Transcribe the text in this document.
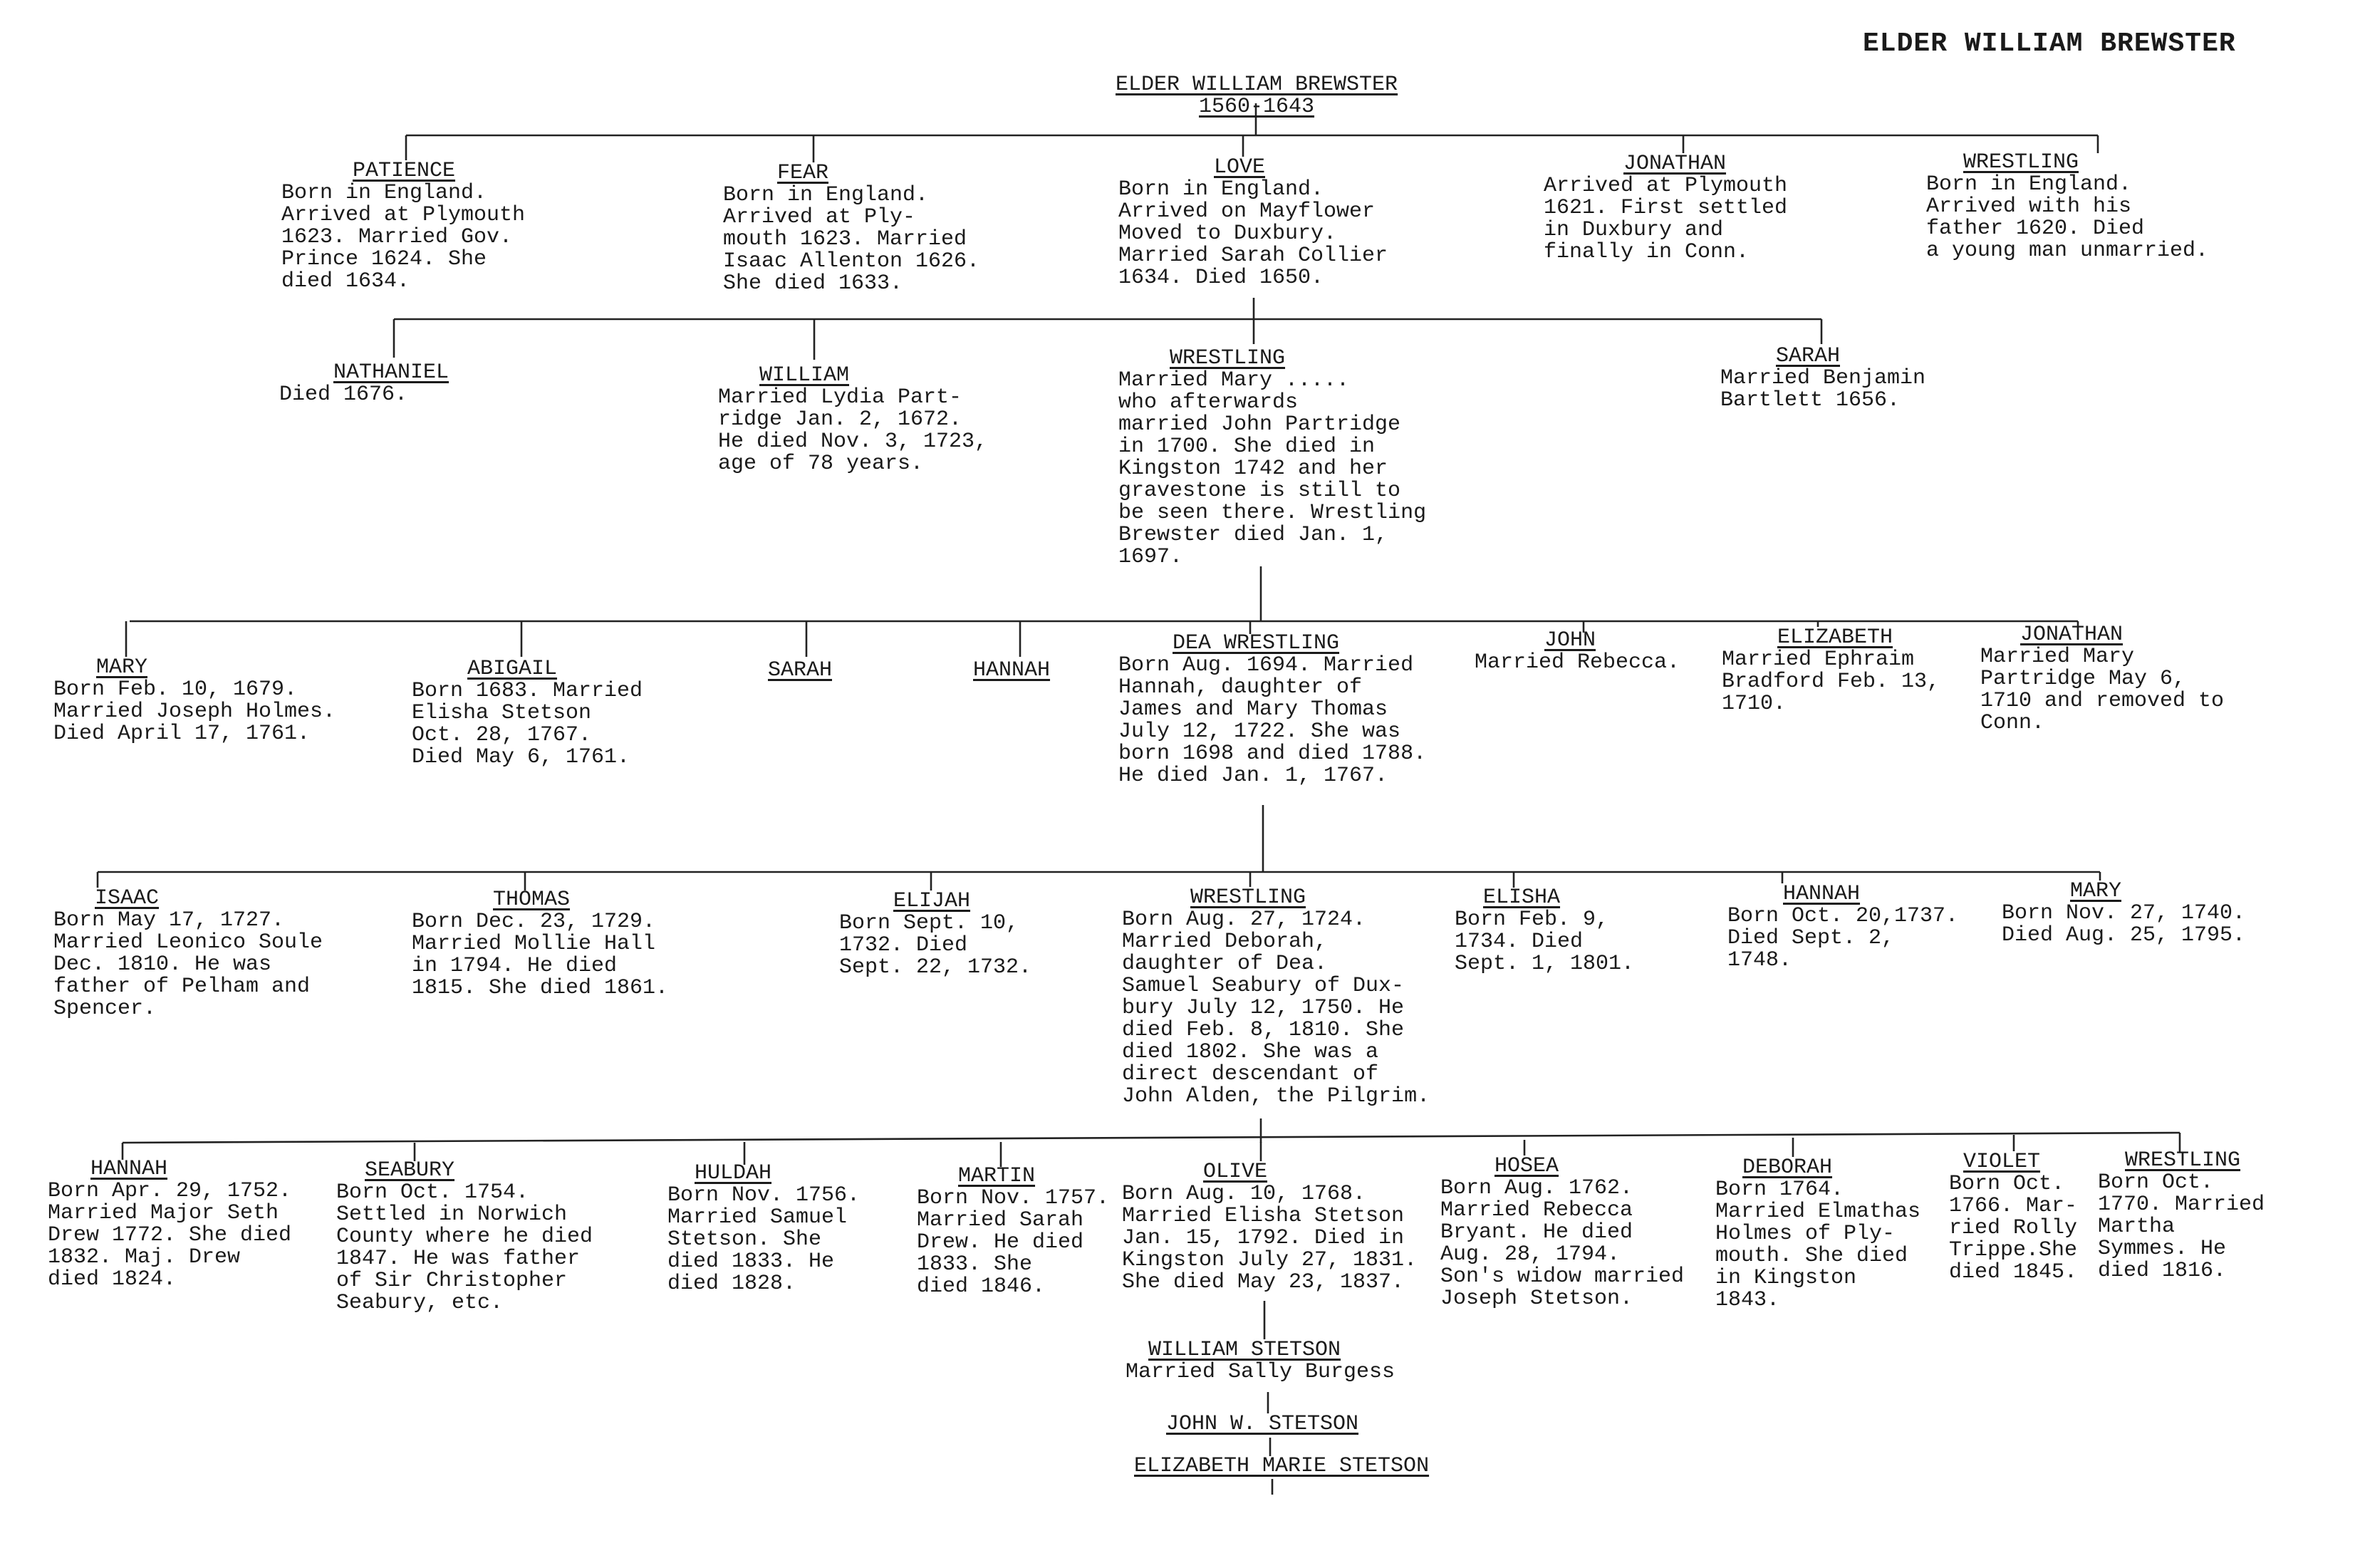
ELDER WILLIAM BREWSTER
ELDER WILLIAM BREWSTER
1560-1643
PATIENCE
Born in England.
Arrived at Plymouth
1623. Married Gov.
Prince 1624. She
died 1634.
FEAR
Born in England.
Arrived at Ply-
mouth 1623. Married
Isaac Allenton 1626.
She died 1633.
LOVE
Born in England.
Arrived on Mayflower
Moved to Duxbury.
Married Sarah Collier
1634. Died 1650.
JONATHAN
Arrived at Plymouth
1621. First settled
in Duxbury and
finally in Conn.
WRESTLING
Born in England.
Arrived with his
father 1620. Died
a young man unmarried.
NATHANIEL
Died 1676.
WILLIAM
Married Lydia Part-
ridge Jan. 2, 1672.
He died Nov. 3, 1723,
age of 78 years.
WRESTLING
Married Mary .....
who afterwards
married John Partridge
in 1700. She died in
Kingston 1742 and her
gravestone is still to
be seen there. Wrestling
Brewster died Jan. 1,
1697.
SARAH
Married Benjamin
Bartlett 1656.
MARY
Born Feb. 10, 1679.
Married Joseph Holmes.
Died April 17, 1761.
ABIGAIL
Born 1683. Married
Elisha Stetson
Oct. 28, 1767.
Died May 6, 1761.
SARAH	HANNAH
DEA WRESTLING
Born Aug. 1694. Married
Hannah, daughter of
James and Mary Thomas
July 12, 1722. She was
born 1698 and died 1788.
He died Jan. 1, 1767.
JOHN
Married Rebecca.
ELIZABETH
Married Ephraim
Bradford Feb. 13,
1710.
JONATHAN
Married Mary
Partridge May 6,
1710 and removed to
Conn.
ISAAC
Born May 17, 1727.
Married Leonico Soule
Dec. 1810. He was
father of Pelham and
Spencer.
THOMAS
Born Dec. 23, 1729.
Married Mollie Hall
in 1794. He died
1815. She died 1861.
ELIJAH
Born Sept. 10,
1732. Died
Sept. 22, 1732.
WRESTLING
Born Aug. 27, 1724.
Married Deborah,
daughter of Dea.
Samuel Seabury of Dux-
bury July 12, 1750. He
died Feb. 8, 1810. She
died 1802. She was a
direct descendant of
John Alden, the Pilgrim.
ELISHA
Born Feb. 9,
1734. Died
Sept. 1, 1801.
HANNAH
Born Oct. 20,1737.
Died Sept. 2,
1748.
MARY
Born Nov. 27, 1740.
Died Aug. 25, 1795.
HANNAH
Born Apr. 29, 1752.
Married Major Seth
Drew 1772. She died
1832. Maj. Drew
died 1824.
SEABURY
Born Oct. 1754.
Settled in Norwich
County where he died
1847. He was father
of Sir Christopher
Seabury, etc.
HULDAH
Born Nov. 1756.
Married Samuel
Stetson. She
died 1833. He
died 1828.
MARTIN
Born Nov. 1757.
Married Sarah
Drew. He died
1833. She
died 1846.
OLIVE
Born Aug. 10, 1768.
Married Elisha Stetson
Jan. 15, 1792. Died in
Kingston July 27, 1831.
She died May 23, 1837.
HOSEA
Born Aug. 1762.
Married Rebecca
Bryant. He died
Aug. 28, 1794.
Son's widow married
Joseph Stetson.
DEBORAH
Born 1764.
Married Elmathas
Holmes of Ply-
mouth. She died
in Kingston
1843.
VIOLET
Born Oct.
1766. Mar-
ried Rolly
Trippe.She
died 1845.
WRESTLING
Born Oct.
1770. Married
Martha
Symmes. He
died 1816.
WILLIAM STETSON
Married Sally Burgess
JOHN W. STETSON
ELIZABETH MARIE STETSON
